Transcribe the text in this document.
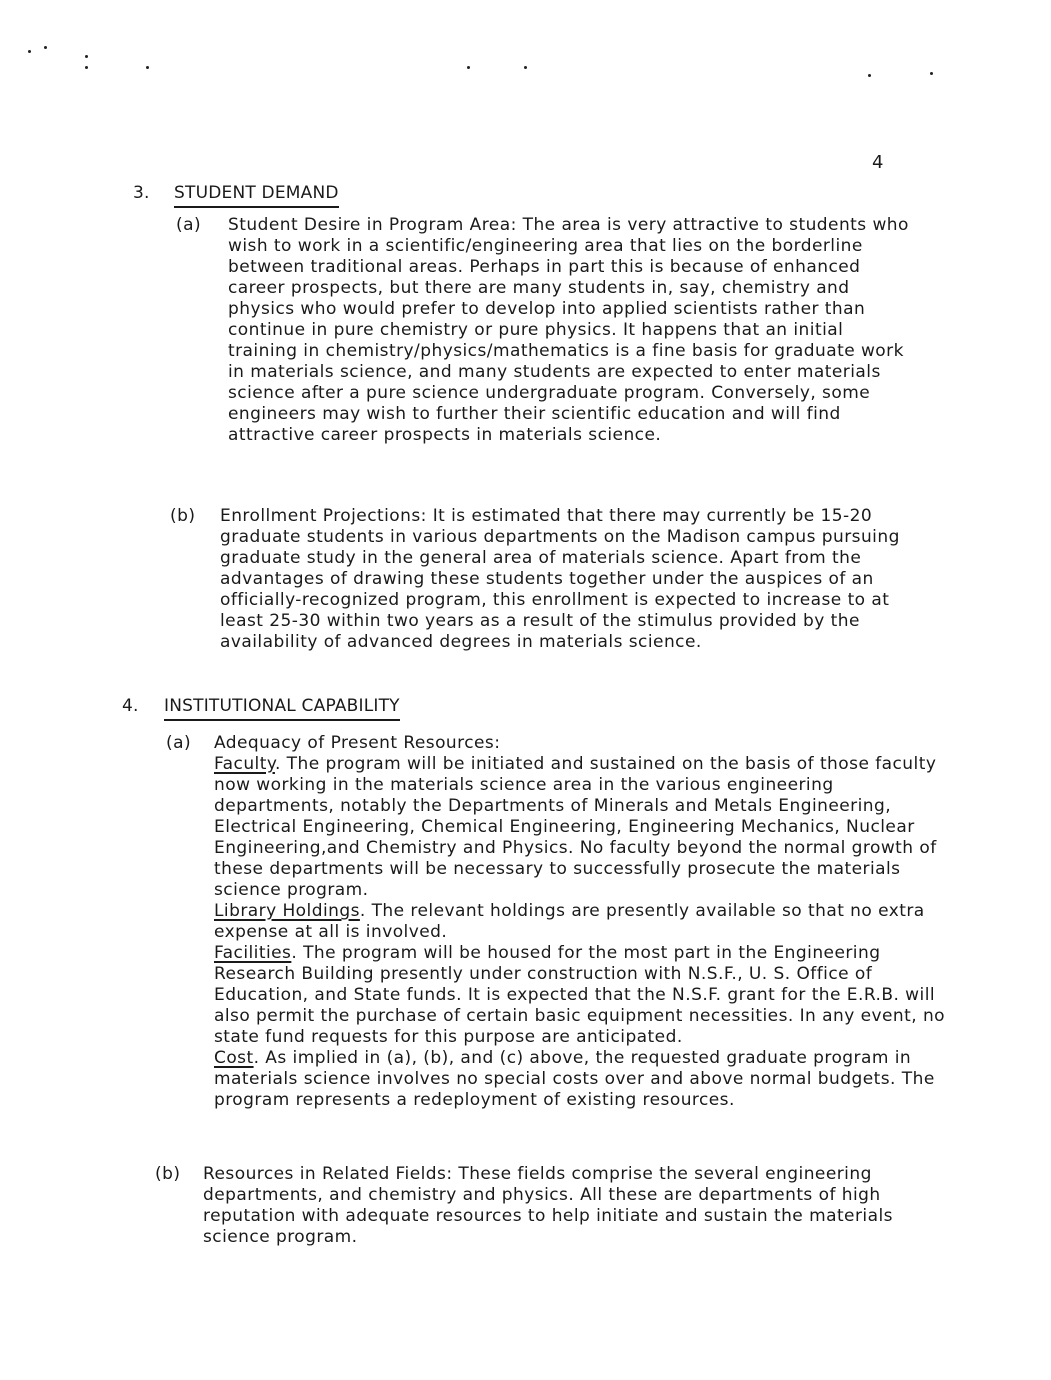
4
3. STUDENT DEMAND
(a) Student Desire in Program Area: The area is very attractive to students who wish to work in a scientific/engineering area that lies on the borderline between traditional areas. Perhaps in part this is because of enhanced career prospects, but there are many students in, say, chemistry and physics who would prefer to develop into applied scientists rather than continue in pure chemistry or pure physics. It happens that an initial training in chemistry/physics/mathematics is a fine basis for graduate work in materials science, and many students are expected to enter materials science after a pure science undergraduate program. Conversely, some engineers may wish to further their scientific education and will find attractive career prospects in materials science.

(b) Enrollment Projections: It is estimated that there may currently be 15-20 graduate students in various departments on the Madison campus pursuing graduate study in the general area of materials science. Apart from the advantages of drawing these students together under the auspices of an officially-recognized program, this enrollment is expected to increase to at least 25-30 within two years as a result of the stimulus provided by the availability of advanced degrees in materials science.

4. INSTITUTIONAL CAPABILITY
(a) Adequacy of Present Resources:

Faculty. The program will be initiated and sustained on the basis of those faculty now working in the materials science area in the various engineering departments, notably the Departments of Minerals and Metals Engineering, Electrical Engineering, Chemical Engineering, Engineering Mechanics, Nuclear Engineering,and Chemistry and Physics. No faculty beyond the normal growth of these departments will be necessary to successfully prosecute the materials science program.

Library Holdings. The relevant holdings are presently available so that no extra expense at all is involved.

Facilities. The program will be housed for the most part in the Engineering Research Building presently under construction with N.S.F., U. S. Office of Education, and State funds. It is expected that the N.S.F. grant for the E.R.B. will also permit the purchase of certain basic equipment necessities. In any event, no state fund requests for this purpose are anticipated.

Cost. As implied in (a), (b), and (c) above, the requested graduate program in materials science involves no special costs over and above normal budgets. The program represents a redeployment of existing resources.

(b) Resources in Related Fields: These fields comprise the several engineering departments, and chemistry and physics. All these are departments of high reputation with adequate resources to help initiate and sustain the materials science program.
